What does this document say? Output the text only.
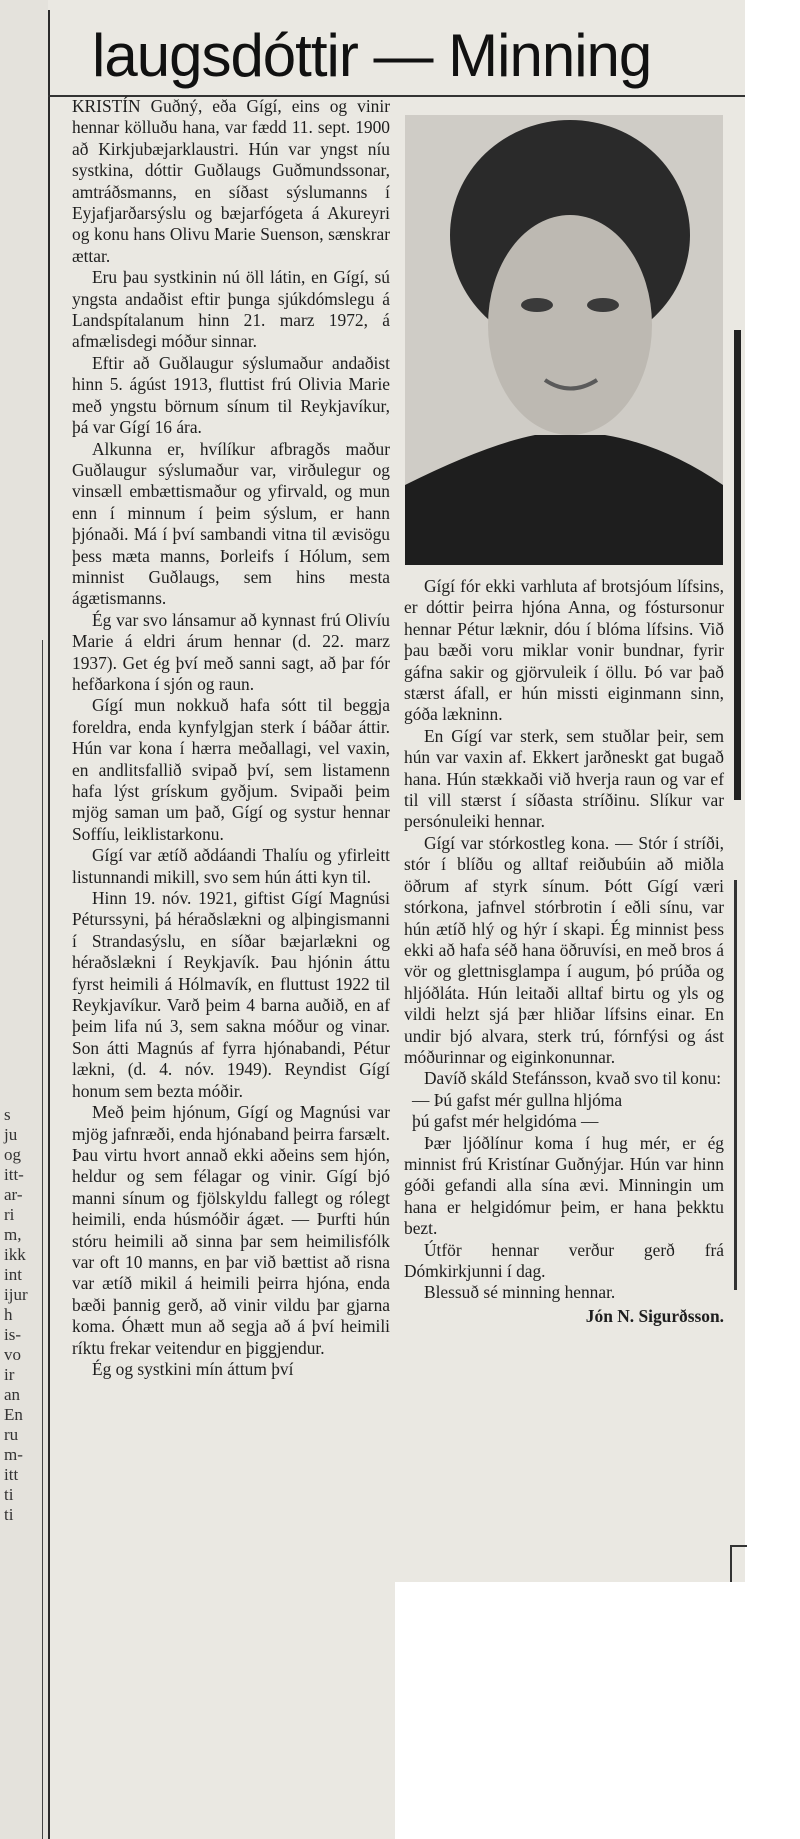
s
ju
og
itt-
ar-
ri
m,
ikk
int
ijur
h
is-
vo
ir
an
En
ru
m-
itt
ti
ti
laugsdóttir — Minning

KRISTÍN Guðný, eða Gígí, eins og vinir hennar kölluðu hana, var fædd 11. sept. 1900 að Kirkjubæjarklaustri. Hún var yngst níu systkina, dóttir Guðlaugs Guðmundssonar, amtráðsmanns, en síðast sýslumanns í Eyjafjarðarsýslu og bæjarfógeta á Akureyri og konu hans Olivu Marie Suenson, sænskrar ættar.

Eru þau systkinin nú öll látin, en Gígí, sú yngsta andaðist eftir þunga sjúkdómslegu á Landspítalanum hinn 21. marz 1972, á afmælisdegi móður sinnar.

Eftir að Guðlaugur sýslumaður andaðist hinn 5. ágúst 1913, fluttist frú Olivia Marie með yngstu börnum sínum til Reykjavíkur, þá var Gígí 16 ára.

Alkunna er, hvílíkur afbragðs maður Guðlaugur sýslumaður var, virðulegur og vinsæll embættismaður og yfirvald, og mun enn í minnum í þeim sýslum, er hann þjónaði. Má í því sambandi vitna til ævisögu þess mæta manns, Þorleifs í Hólum, sem minnist Guðlaugs, sem hins mesta ágætismanns.

Ég var svo lánsamur að kynnast frú Olivíu Marie á eldri árum hennar (d. 22. marz 1937). Get ég því með sanni sagt, að þar fór hefðarkona í sjón og raun.

Gígí mun nokkuð hafa sótt til beggja foreldra, enda kynfylgjan sterk í báðar áttir. Hún var kona í hærra meðallagi, vel vaxin, en andlitsfallið svipað því, sem listamenn hafa lýst grískum gyðjum. Svipaði þeim mjög saman um það, Gígí og systur hennar Soffíu, leiklistarkonu.

Gígí var ætíð aðdáandi Thalíu og yfirleitt listunnandi mikill, svo sem hún átti kyn til.

Hinn 19. nóv. 1921, giftist Gígí Magnúsi Péturssyni, þá héraðslækni og alþingismanni í Strandasýslu, en síðar bæjarlækni og héraðslækni í Reykjavík. Þau hjónin áttu fyrst heimili á Hólmavík, en fluttust 1922 til Reykjavíkur. Varð þeim 4 barna auðið, en af þeim lifa nú 3, sem sakna móður og vinar. Son átti Magnús af fyrra hjónabandi, Pétur lækni, (d. 4. nóv. 1949). Reyndist Gígí honum sem bezta móðir.

Með þeim hjónum, Gígí og Magnúsi var mjög jafnræði, enda hjónaband þeirra farsælt. Þau virtu hvort annað ekki aðeins sem hjón, heldur og sem félagar og vinir. Gígí bjó manni sínum og fjölskyldu fallegt og rólegt heimili, enda húsmóðir ágæt. — Þurfti hún stóru heimili að sinna þar sem heimilisfólk var oft 10 manns, en þar við bættist að risna var ætíð mikil á heimili þeirra hjóna, enda bæði þannig gerð, að vinir vildu þar gjarna koma. Óhætt mun að segja að á því heimili ríktu frekar veitendur en þiggjendur.

Ég og systkini mín áttum því

Gígí fór ekki varhluta af brotsjóum lífsins, er dóttir þeirra hjóna Anna, og fóstursonur hennar Pétur læknir, dóu í blóma lífsins. Við þau bæði voru miklar vonir bundnar, fyrir gáfna sakir og gjörvuleik í öllu. Þó var það stærst áfall, er hún missti eiginmann sinn, góða lækninn.

En Gígí var sterk, sem stuðlar þeir, sem hún var vaxin af. Ekkert jarðneskt gat bugað hana. Hún stækkaði við hverja raun og var ef til vill stærst í síðasta stríðinu. Slíkur var persónuleiki hennar.

Gígí var stórkostleg kona. — Stór í stríði, stór í blíðu og alltaf reiðubúin að miðla öðrum af styrk sínum. Þótt Gígí væri stórkona, jafnvel stórbrotin í eðli sínu, var hún ætíð hlý og hýr í skapi. Ég minnist þess ekki að hafa séð hana öðruvísi, en með bros á vör og glettnisglampa í augum, þó prúða og hljóðláta. Hún leitaði alltaf birtu og yls og vildi helzt sjá þær hliðar lífsins einar. En undir bjó alvara, sterk trú, fórnfýsi og ást móðurinnar og eiginkonunnar.

Davíð skáld Stefánsson, kvað svo til konu:

— Þú gafst mér gullna hljóma

þú gafst mér helgidóma —

Þær ljóðlínur koma í hug mér, er ég minnist frú Kristínar Guðnýjar. Hún var hinn góði gefandi alla sína ævi. Minningin um hana er helgidómur þeim, er hana þekktu bezt.

Útför hennar verður gerð frá Dómkirkjunni í dag.

Blessuð sé minning hennar.

Jón N. Sigurðsson.
